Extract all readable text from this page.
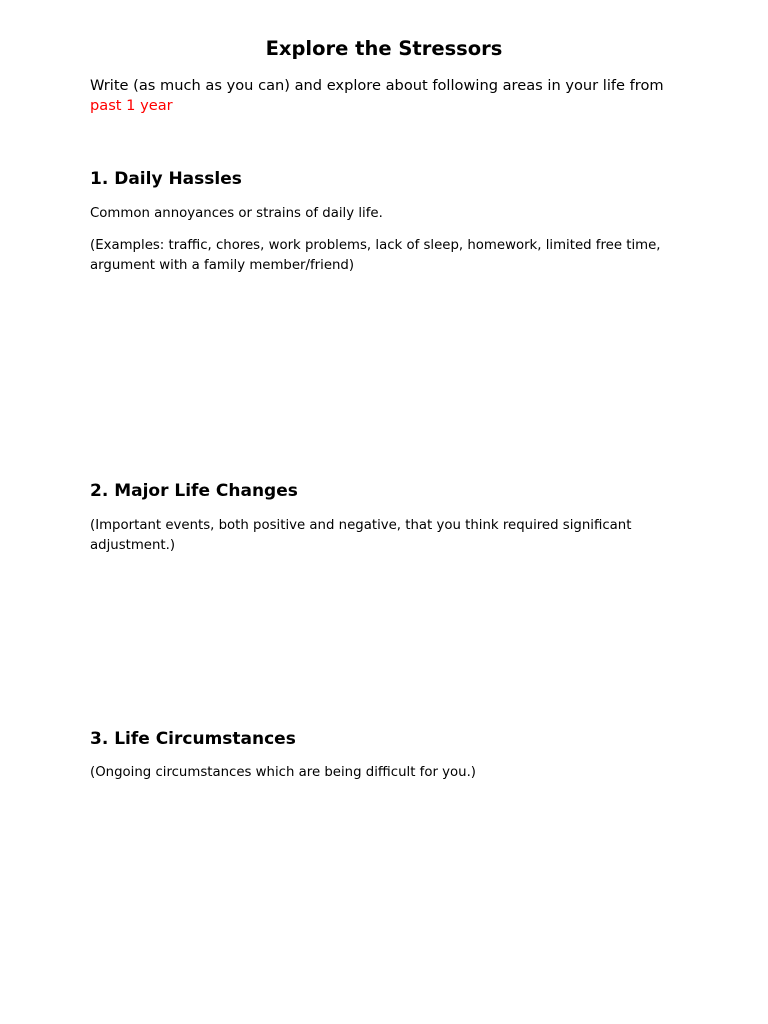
Explore the Stressors

Write (as much as you can) and explore about following areas in your life from past 1 year

1. Daily Hassles

Common annoyances or strains of daily life.

(Examples: traffic, chores, work problems, lack of sleep, homework, limited free time, argument with a family member/friend)

2. Major Life Changes

(Important events, both positive and negative, that you think required significant adjustment.)

3. Life Circumstances

(Ongoing circumstances which are being difficult for you.)
